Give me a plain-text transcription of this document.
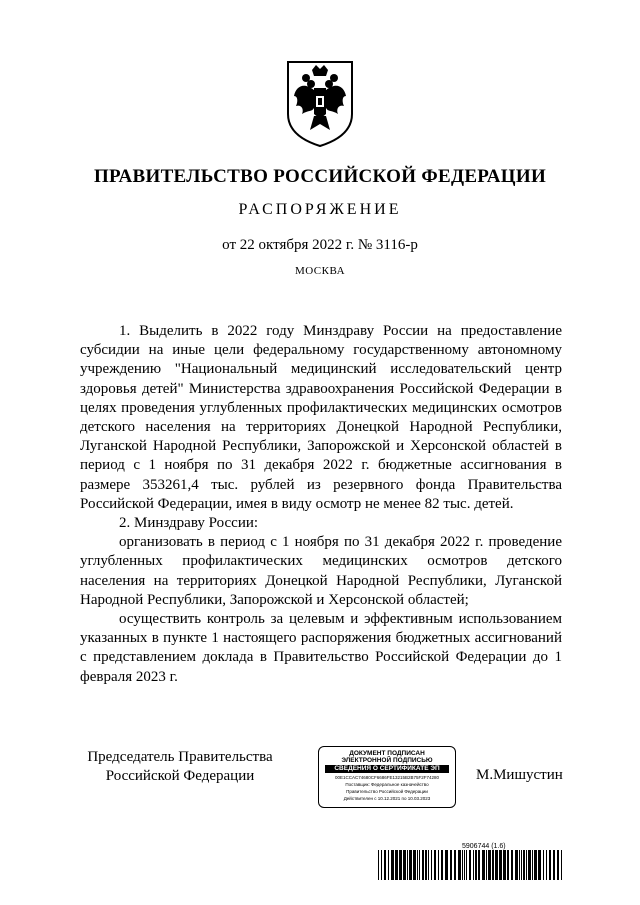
ПРАВИТЕЛЬСТВО РОССИЙСКОЙ ФЕДЕРАЦИИ
РАСПОРЯЖЕНИЕ
от 22 октября 2022 г. № 3116-р
МОСКВА

1. Выделить в 2022 году Минздраву России на предоставление субсидии на иные цели федеральному государственному автономному учреждению "Национальный медицинский исследовательский центр здоровья детей" Министерства здравоохранения Российской Федерации в целях проведения углубленных профилактических медицинских осмотров детского населения на территориях Донецкой Народной Республики, Луганской Народной Республики, Запорожской и Херсонской областей в период с 1 ноября по 31 декабря 2022 г. бюджетные ассигнования в размере 353261,4 тыс. рублей из резервного фонда Правительства Российской Федерации, имея в виду осмотр не менее 82 тыс. детей.

2. Минздраву России:

организовать в период с 1 ноября по 31 декабря 2022 г. проведение углубленных профилактических медицинских осмотров детского населения на территориях Донецкой Народной Республики, Луганской Народной Республики, Запорожской и Херсонской областей;

осуществить контроль за целевым и эффективным использованием указанных в пункте 1 настоящего распоряжения бюджетных ассигнований с представлением доклада в Правительство Российской Федерации до 1 февраля 2023 г.

Председатель Правительства
Российской Федерации
ДОКУМЕНТ ПОДПИСАН
ЭЛЕКТРОННОЙ ПОДПИСЬЮ
СВЕДЕНИЯ О СЕРТИФИКАТЕ ЭП
00E1CCAC74680CF6686FE13215B2B75F2F74280
Поставщик: Федеральное казначейство
Правительство Российской Федерации
Действителен с 10.12.2021 по 10.03.2023
М.Мишустин
5906744 (1.6)
